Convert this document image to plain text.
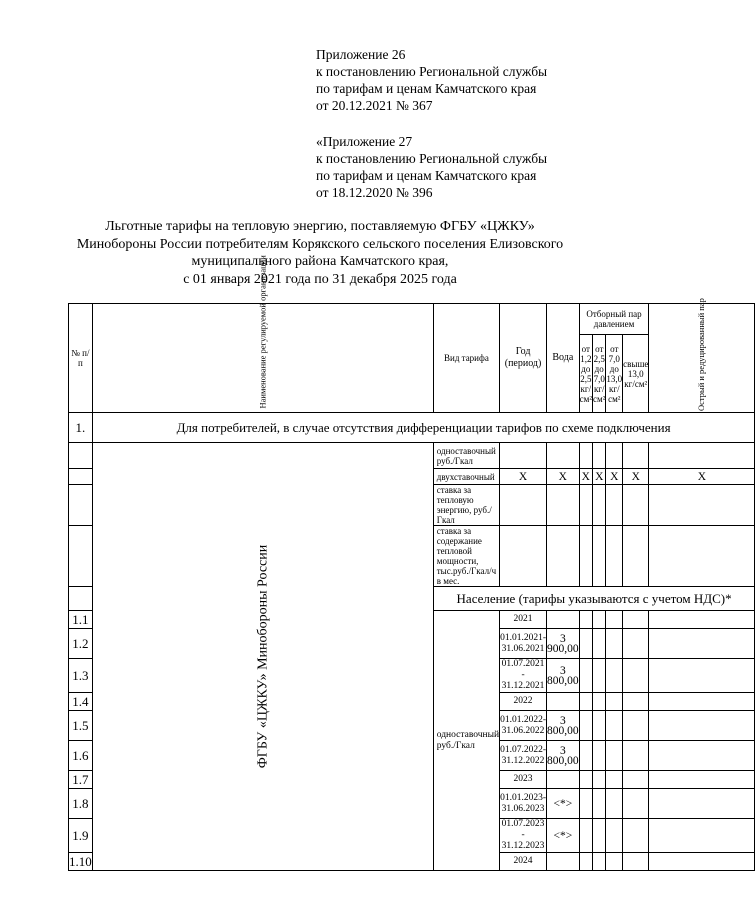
Приложение 26
к постановлению Региональной службы
по тарифам и ценам Камчатского края
от 20.12.2021 № 367
«Приложение 27
к постановлению Региональной службы
по тарифам и ценам Камчатского края
от 18.12.2020 № 396
Льготные тарифы на тепловую энергию, поставляемую ФГБУ «ЦЖКУ»
Минобороны России потребителям Корякского сельского поселения Елизовского
муниципального района Камчатского края,
с 01 января 2021 года по 31 декабря 2025 года
№ п/п	Наименование регулируемой организации	Вид тарифа	Год (период)	Вода	Отборный пар давлением				Острый и редуцированный пар
					от 1,2 до 2,5 кг/см²	от 2,5 до 7,0 кг/см²	от 7,0 до 13,0 кг/см²	свыше 13,0 кг/см²	
1.	Для потребителей, в случае отсутствия дифференциации тарифов по схеме подключения								
	ФГБУ «ЦЖКУ» Минобороны России	одноставочный руб./Гкал							
		двухставочный	Х	Х	Х	Х	Х	Х	Х
		ставка за тепловую энергию, руб./Гкал							
		ставка за содержание тепловой мощности, тыс.руб./Гкал/ч в мес.							
		Население (тарифы указываются с учетом НДС)*							
1.1		одноставочный руб./Гкал	2021						
1.2			01.01.2021-31.06.2021	3 900,00					
1.3			01.07.2021 - 31.12.2021	3 800,00					
1.4			2022						
1.5			01.01.2022-31.06.2022	3 800,00					
1.6			01.07.2022-31.12.2022	3 800,00					
1.7			2023						
1.8			01.01.2023-31.06.2023	<*>					
1.9			01.07.2023 - 31.12.2023	<*>					
1.10			2024						
